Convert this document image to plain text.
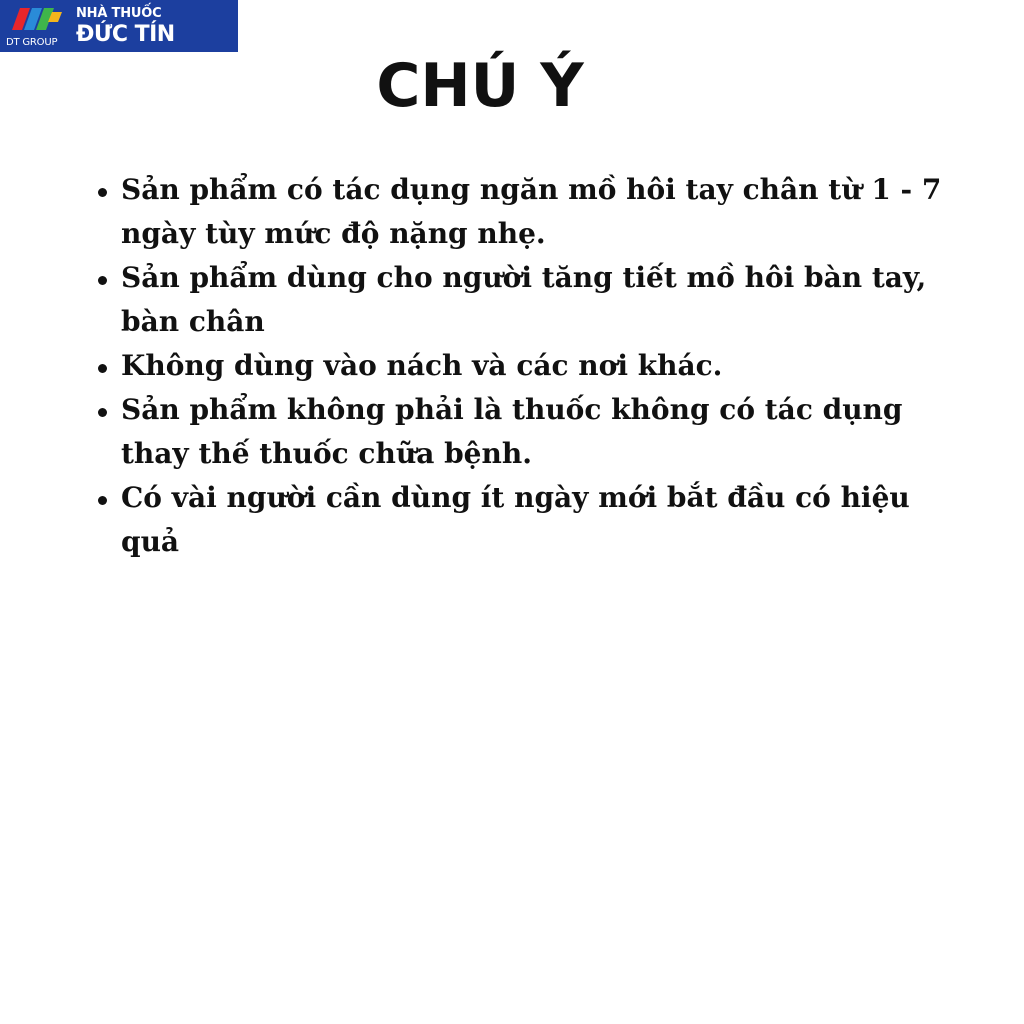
DT GROUP
NHÀ THUỐC
ĐỨC TÍN
CHÚ Ý
Sản phẩm có tác dụng ngăn mồ hôi tay chân từ 1 - 7 ngày tùy mức độ nặng nhẹ.
Sản phẩm dùng cho người tăng tiết mồ hôi bàn tay, bàn chân
Không dùng vào nách và các nơi khác.
Sản phẩm không phải là thuốc không có tác dụng thay thế thuốc chữa bệnh.
Có vài người cần dùng ít ngày mới bắt đầu có hiệu quả
